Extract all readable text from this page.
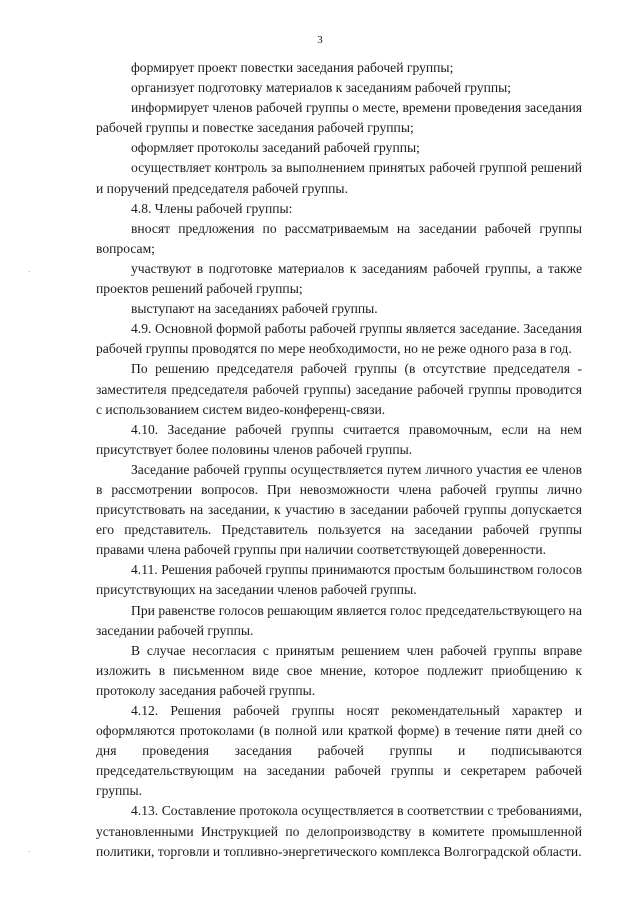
3
·
·

формирует проект повестки заседания рабочей группы;

организует подготовку материалов к заседаниям рабочей группы;

информирует членов рабочей группы о месте, времени проведения заседания рабочей группы и повестке заседания рабочей группы;

оформляет протоколы заседаний рабочей группы;

осуществляет контроль за выполнением принятых рабочей группой решений и поручений председателя рабочей группы.

4.8. Члены рабочей группы:

вносят предложения по рассматриваемым на заседании рабочей группы вопросам;

участвуют в подготовке материалов к заседаниям рабочей группы, а также проектов решений рабочей группы;

выступают на заседаниях рабочей группы.

4.9. Основной формой работы рабочей группы является заседание. Заседания рабочей группы проводятся по мере необходимости, но не реже одного раза в год.

По решению председателя рабочей группы (в отсутствие председателя - заместителя председателя рабочей группы) заседание рабочей группы проводится с использованием систем видео-конференц-связи.

4.10. Заседание рабочей группы считается правомочным, если на нем присутствует более половины членов рабочей группы.

Заседание рабочей группы осуществляется путем личного участия ее членов в рассмотрении вопросов. При невозможности члена рабочей группы лично присутствовать на заседании, к участию в заседании рабочей группы допускается его представитель. Представитель пользуется на заседании рабочей группы правами члена рабочей группы при наличии соответствующей доверенности.

4.11. Решения рабочей группы принимаются простым большинством голосов присутствующих на заседании членов рабочей группы.

При равенстве голосов решающим является голос председательствующего на заседании рабочей группы.

В случае несогласия с принятым решением член рабочей группы вправе изложить в письменном виде свое мнение, которое подлежит приобщению к протоколу заседания рабочей группы.

4.12. Решения рабочей группы носят рекомендательный характер и оформляются протоколами (в полной или краткой форме) в течение пяти дней со дня проведения заседания рабочей группы и подписываются председательствующим на заседании рабочей группы и секретарем рабочей группы.

4.13. Составление протокола осуществляется в соответствии с требованиями, установленными Инструкцией по делопроизводству в комитете промышленной политики, торговли и топливно-энергетического комплекса Волгоградской области.
